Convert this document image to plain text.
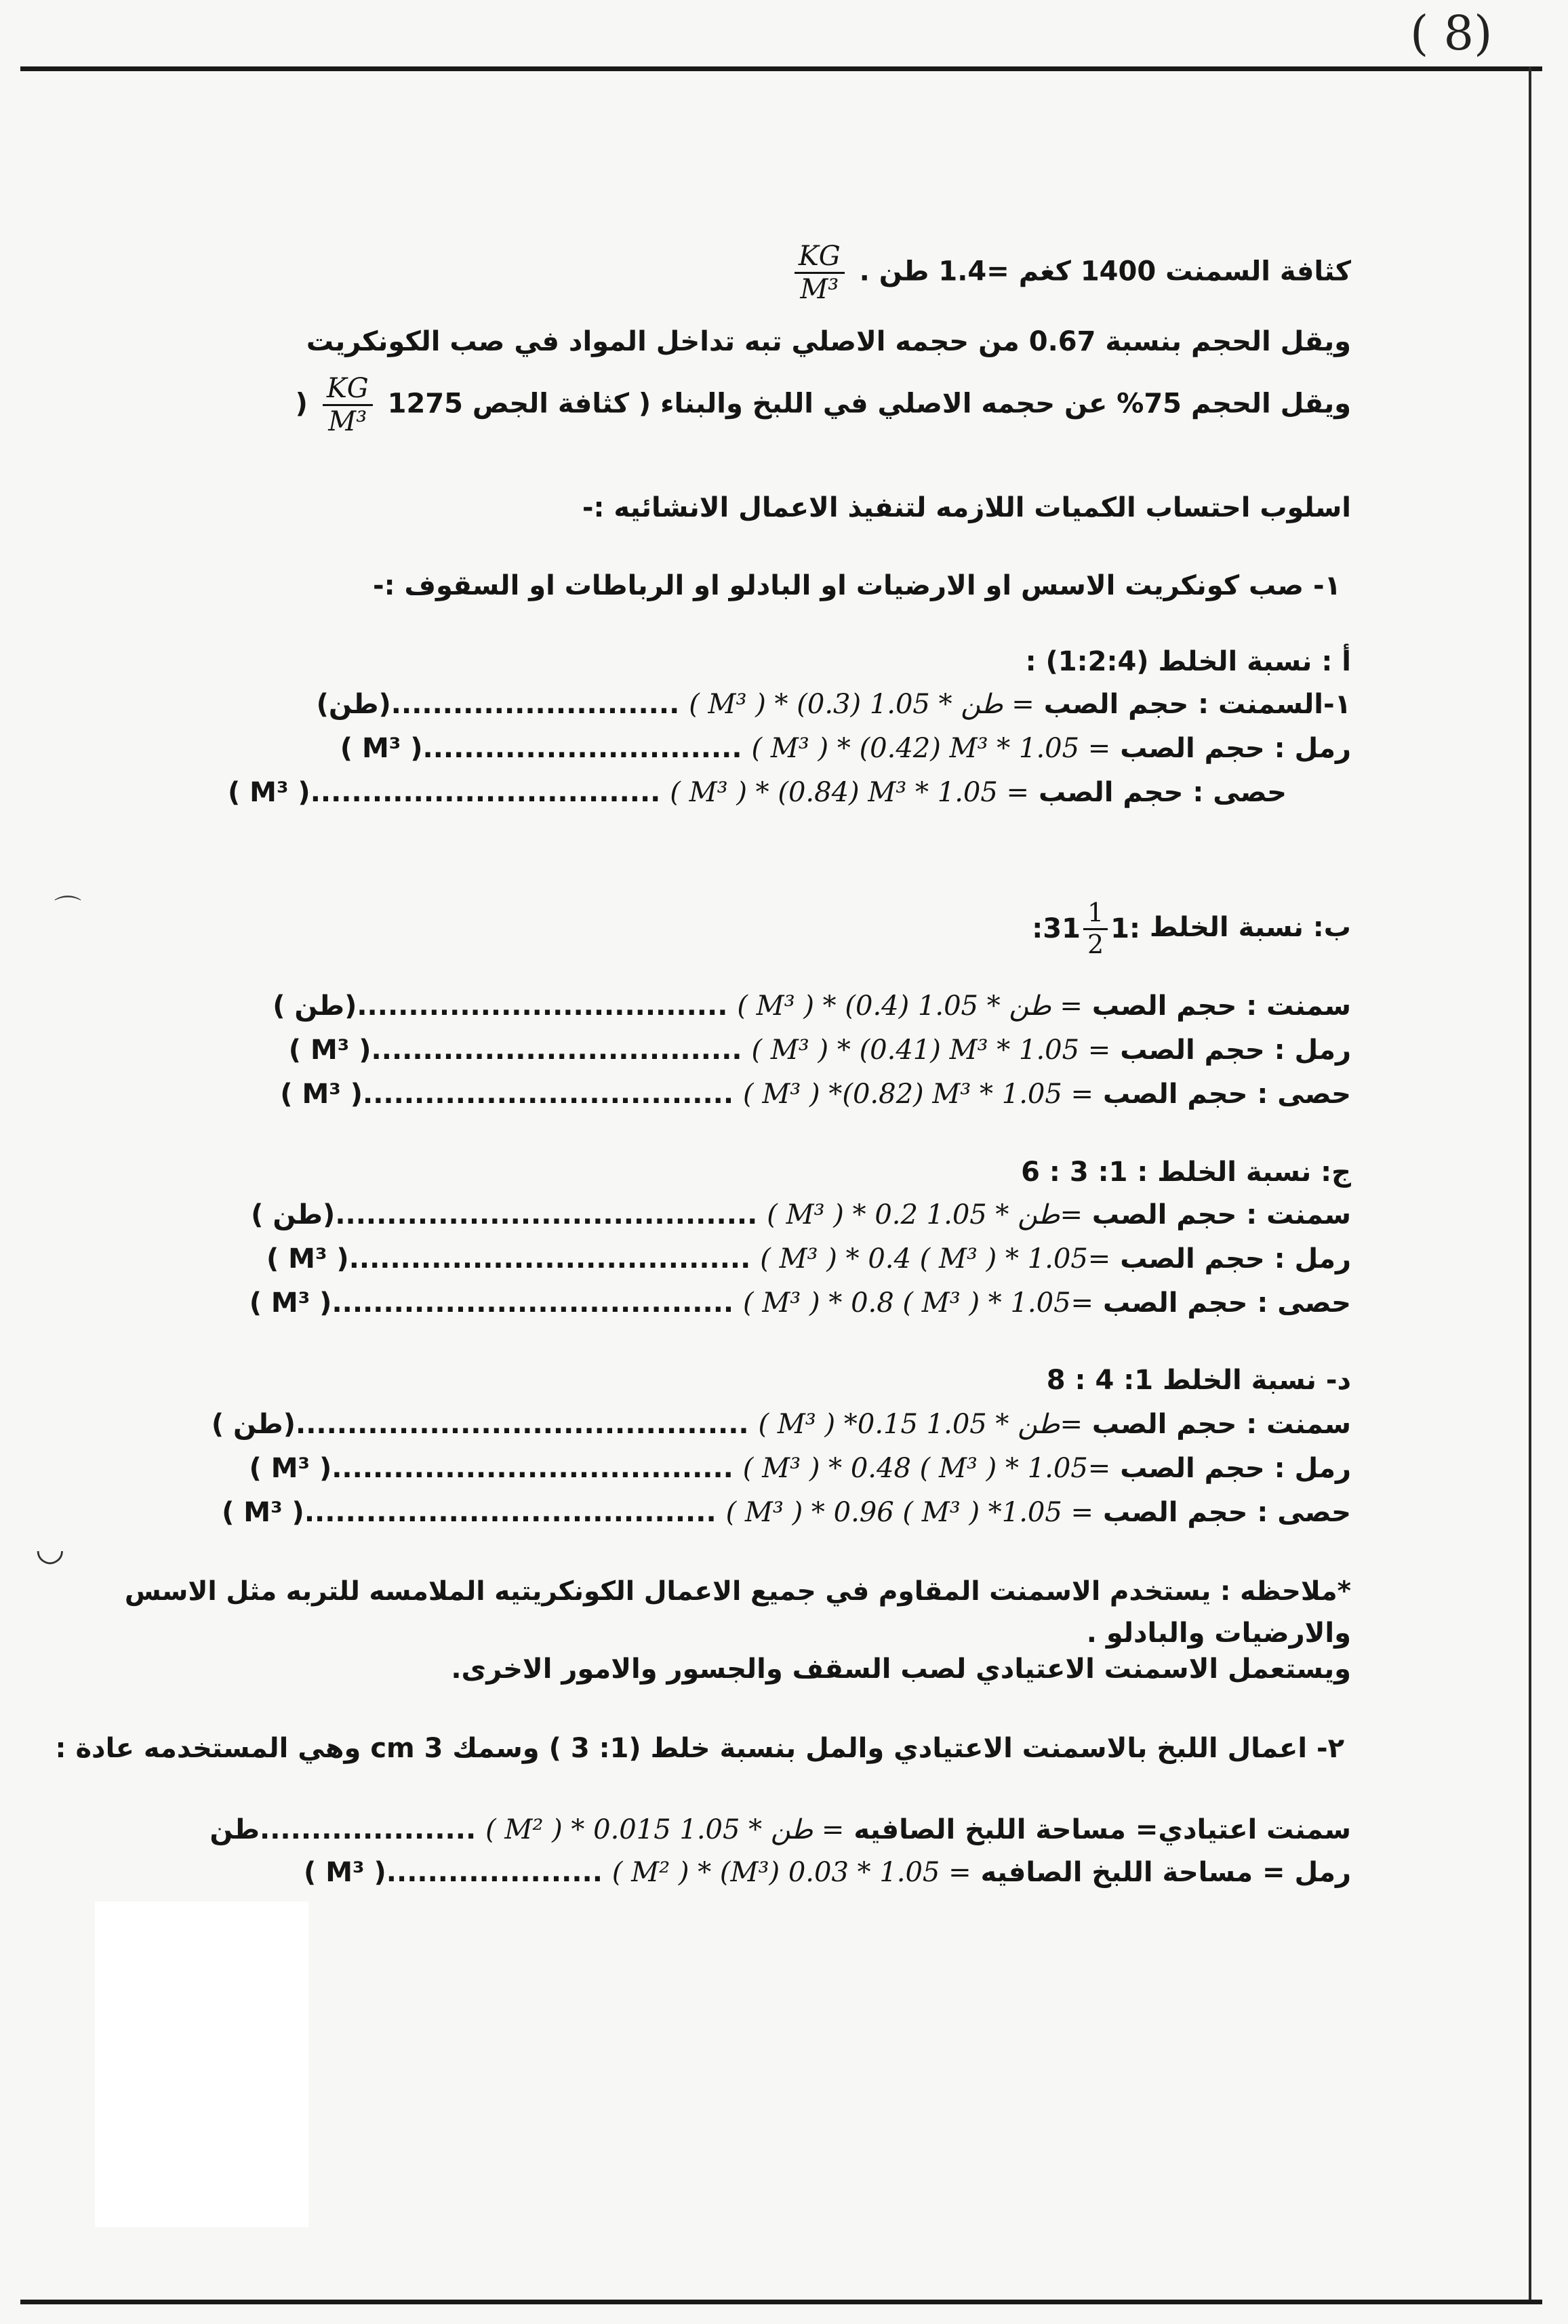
( 8)
كثافة السمنت 1400 كغم =1.4 طن .
$\frac{KG}{\text{M³}}$
ويقل الحجم بنسبة 0.67 من حجمه الاصلي تبه تداخل المواد في صب الكونكريت
ويقل الحجم 75% عن حجمه الاصلي في اللبخ والبناء ( كثافة الجص 1275
$\frac{KG}{\text{M³}}$
(
اسلوب احتساب الكميات اللازمه لتنفيذ الاعمال الانشائيه :-
١- صب كونكريت الاسس او الارضيات او البادلو او الرباطات او السقوف :-
أ : نسبة الخلط (1:2:4) :
١-السمنت : حجم الصب (طن)............................ ( M³ ) * (0.3) طن * 1.05 =
رمل : حجم الصب ( M³ )............................... ( M³ ) * (0.42) M³ * 1.05 =
حصى : حجم الصب ( M³ ).................................. ( M³ ) * (0.84) M³ * 1.05 =
ب: نسبة الخلط
:3 $1 \frac{1}{2} 1$:
سمنت : حجم الصب ( طن).................................... ( M³ ) * (0.4) طن * 1.05 =
رمل : حجم الصب ( M³ ).................................... ( M³ ) * (0.41) M³ * 1.05 =
حصى : حجم الصب ( M³ ).................................... ( M³ ) *(0.82) M³ * 1.05 =
ج: نسبة الخلط : 1: 3 : 6
سمنت : حجم الصب ( طن)......................................... ( M³ ) * 0.2 طن * 1.05=
رمل : حجم الصب ( M³ )....................................... ( M³ ) * 0.4 ( M³ ) * 1.05=
حصى : حجم الصب ( M³ )....................................... ( M³ ) * 0.8 ( M³ ) * 1.05=
د- نسبة الخلط 1: 4 : 8
سمنت : حجم الصب ( طن)............................................ ( M³ ) *0.15 طن * 1.05=
رمل : حجم الصب ( M³ )....................................... ( M³ ) * 0.48 ( M³ ) * 1.05=
حصى : حجم الصب ( M³ )........................................ ( M³ ) * 0.96 ( M³ ) *1.05 =
*ملاحظه : يستخدم الاسمنت المقاوم في جميع الاعمال الكونكريتيه الملامسه للتربه مثل الاسس
والارضيات والبادلو .
ويستعمل الاسمنت الاعتيادي لصب السقف والجسور والامور الاخرى.
٢- اعمال اللبخ بالاسمنت الاعتيادي والمل بنسبة خلط (1: 3 ) وسمك 3 cm وهي المستخدمه عادة :
سمنت اعتيادي= مساحة اللبخ الصافيه طن..................... ( M² ) * 0.015 طن * 1.05 =
رمل = مساحة اللبخ الصافيه ( M³ )..................... ( M² ) * (M³) 0.03 * 1.05 =
⌒
◡
